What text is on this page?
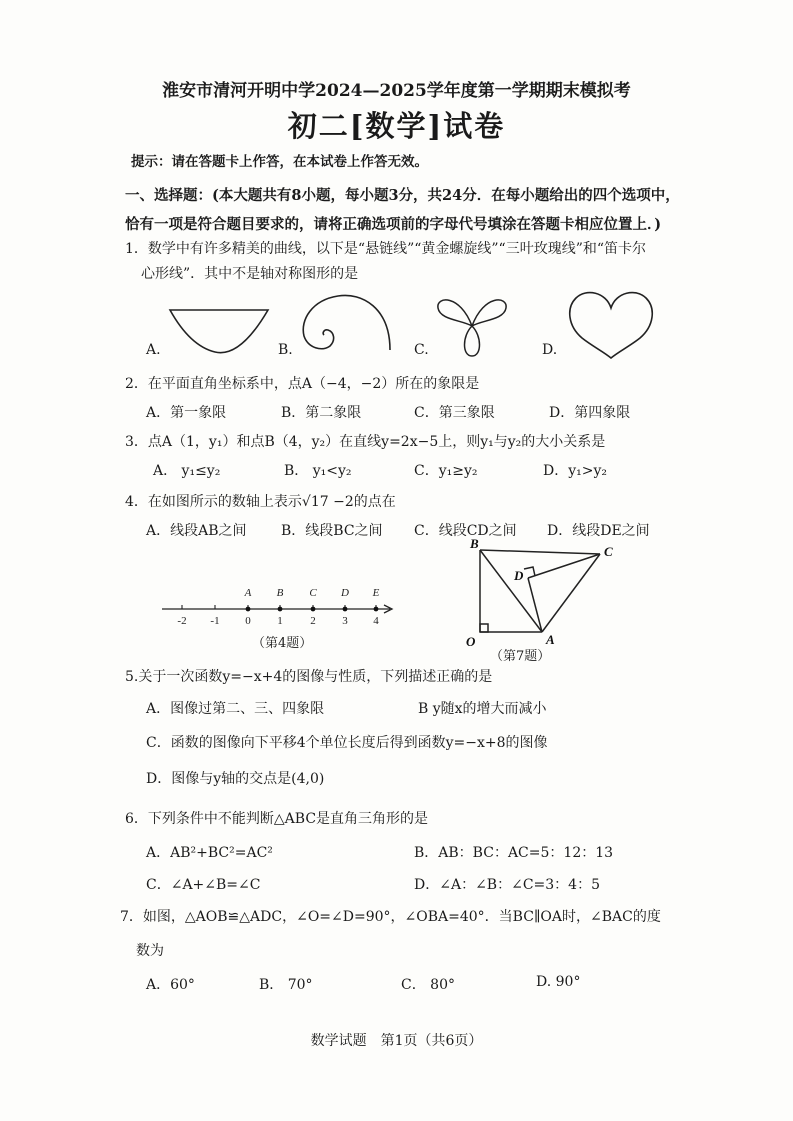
淮安市清河开明中学2024—2025学年度第一学期期末模拟考
初二[数学]试卷
提示：请在答题卡上作答，在本试卷上作答无效。
一、选择题：(本大题共有8小题，每小题3分，共24分．在每小题给出的四个选项中，
恰有一项是符合题目要求的，请将正确选项前的字母代号填涂在答题卡相应位置上．)
1．数学中有许多精美的曲线，以下是“悬链线”“黄金螺旋线”“三叶玫瑰线”和“笛卡尔
心形线”．其中不是轴对称图形的是
A.	B.	C.	D.
2．在平面直角坐标系中，点A（−4，−2）所在的象限是
A．第一象限	B．第二象限	C．第三象限	D．第四象限
3．点A（1，y₁）和点B（4，y₂）在直线y=2x−5上，则y₁与y₂的大小关系是
A． y₁≤y₂	B． y₁<y₂	C．y₁≥y₂	D．y₁>y₂
4．在如图所示的数轴上表示√17 −2的点在
A．线段AB之间 B．线段BC之间 C．线段CD之间 D．线段DE之间
A B C D E
-2 -1 0 1	2 3 4
（第4题）
B
C
D
O	A
（第7题）
5.关于一次函数y=−x+4的图像与性质，下列描述正确的是
A．图像过第二、三、四象限	B y随x的增大而减小
C．函数的图像向下平移4个单位长度后得到函数y=−x+8的图像
D．图像与y轴的交点是(4,0)
6．下列条件中不能判断△ABC是直角三角形的是
A．AB²+BC²=AC²	B．AB：BC：AC=5：12：13
C．∠A+∠B=∠C	D．∠A：∠B：∠C=3：4：5
7．如图，△AOB≌△ADC，∠O=∠D=90°，∠OBA=40°．当BC∥OA时，∠BAC的度
数为
A．60°	B． 70°	C． 80°	D. 90°
数学试题　第1页（共6页）
